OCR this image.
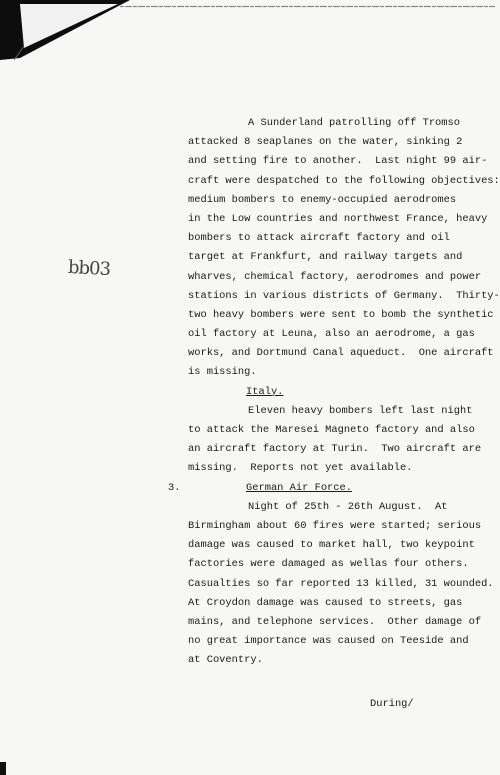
bb03
A Sunderland patrolling off Tromso
attacked 8 seaplanes on the water, sinking 2
and setting fire to another.  Last night 99 air-
craft were despatched to the following objectives:
medium bombers to enemy-occupied aerodromes
in the Low countries and northwest France, heavy
bombers to attack aircraft factory and oil
target at Frankfurt, and railway targets and
wharves, chemical factory, aerodromes and power
stations in various districts of Germany.  Thirty-
two heavy bombers were sent to bomb the synthetic
oil factory at Leuna, also an aerodrome, a gas
works, and Dortmund Canal aqueduct.  One aircraft
is missing.
Italy.
Eleven heavy bombers left last night
to attack the Maresei Magneto factory and also
an aircraft factory at Turin.  Two aircraft are
missing.  Reports not yet available.
3.	German Air Force.
Night of 25th - 26th August.  At
Birmingham about 60 fires were started; serious
damage was caused to market hall, two keypoint
factories were damaged as wellas four others.
Casualties so far reported 13 killed, 31 wounded.
At Croydon damage was caused to streets, gas
mains, and telephone services.  Other damage of
no great importance was caused on Teeside and
at Coventry.
During/
